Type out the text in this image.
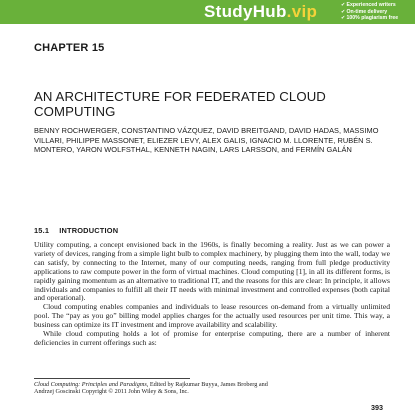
StudyHub.vip	✔ Experienced writers
✔ On-time delivery
✔ 100% plagiarism free
CHAPTER 15
AN ARCHITECTURE FOR FEDERATED CLOUD COMPUTING
BENNY ROCHWERGER, CONSTANTINO VÁZQUEZ, DAVID BREITGAND, DAVID HADAS, MASSIMO VILLARI, PHILIPPE MASSONET, ELIEZER LEVY, ALEX GALIS, IGNACIO M. LLORENTE, RUBÉN S. MONTERO, YARON WOLFSTHAL, KENNETH NAGIN, LARS LARSSON, and FERMÍN GALÁN
15.1 INTRODUCTION

Utility computing, a concept envisioned back in the 1960s, is finally becoming a reality. Just as we can power a variety of devices, ranging from a simple light bulb to complex machinery, by plugging them into the wall, today we can satisfy, by connecting to the Internet, many of our computing needs, ranging from full pledge productivity applications to raw compute power in the form of virtual machines. Cloud computing [1], in all its different forms, is rapidly gaining momentum as an alternative to traditional IT, and the reasons for this are clear: In principle, it allows individuals and companies to fulfill all their IT needs with minimal investment and controlled expenses (both capital and operational).

Cloud computing enables companies and individuals to lease resources on-demand from a virtually unlimited pool. The “pay as you go” billing model applies charges for the actually used resources per unit time. This way, a business can optimize its IT investment and improve availability and scalability.

While cloud computing holds a lot of promise for enterprise computing, there are a number of inherent deficiencies in current offerings such as:

Cloud Computing: Principles and Paradigms, Edited by Rajkumar Buyya, James Broberg and
Andrzej Goscinski Copyright © 2011 John Wiley & Sons, Inc.
393
